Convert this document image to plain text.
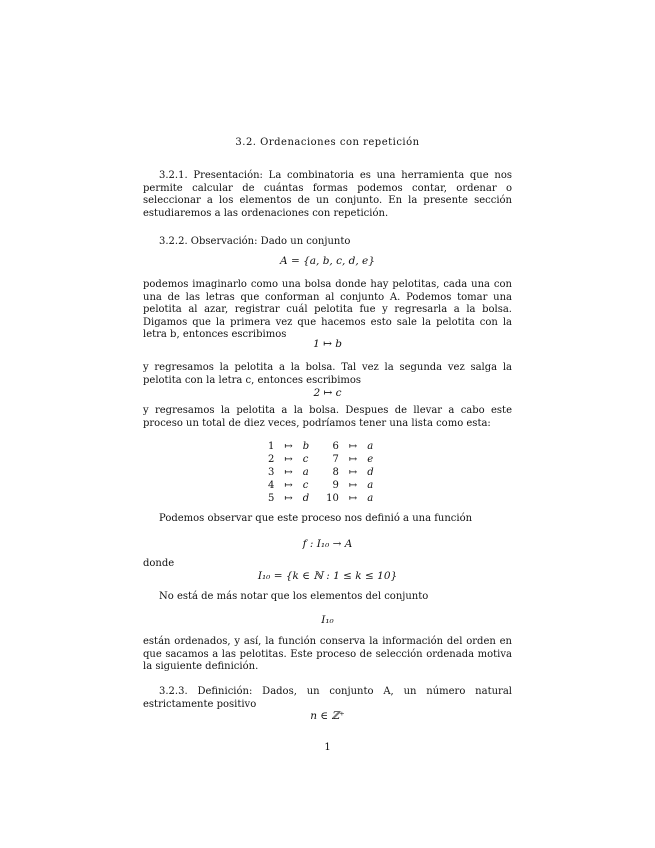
3.2. Ordenaciones con repetición
3.2.1. Presentación: La combinatoria es una herramienta que nos permite calcular de cuántas formas podemos contar, ordenar o seleccionar a los elementos de un conjunto. En la presente sección estudiaremos a las ordenaciones con repetición.
3.2.2. Observación: Dado un conjunto
A = {a, b, c, d, e}
podemos imaginarlo como una bolsa donde hay pelotitas, cada una con una de las letras que conforman al conjunto A. Podemos tomar una pelotita al azar, registrar cuál pelotita fue y regresarla a la bolsa. Digamos que la primera vez que hacemos esto sale la pelotita con la letra b, entonces escribimos
1 ↦ b
y regresamos la pelotita a la bolsa. Tal vez la segunda vez salga la pelotita con la letra c, entonces escribimos
2 ↦ c
y regresamos la pelotita a la bolsa. Despues de llevar a cabo este proceso un total de diez veces, podríamos tener una lista como esta:
1	↦	b	6	↦	a
2	↦	c	7	↦	e
3	↦	a	8	↦	d
4	↦	c	9	↦	a
5	↦	d	10	↦	a
Podemos observar que este proceso nos definió a una función
f : I₁₀ → A
donde
I₁₀ = {k ∈ ℕ : 1 ≤ k ≤ 10}
No está de más notar que los elementos del conjunto
I₁₀
están ordenados, y así, la función conserva la información del orden en que sacamos a las pelotitas. Este proceso de selección ordenada motiva la siguiente definición.
3.2.3. Definición: Dados, un conjunto A, un número natural estrictamente positivo
n ∈ ℤ⁺
1
